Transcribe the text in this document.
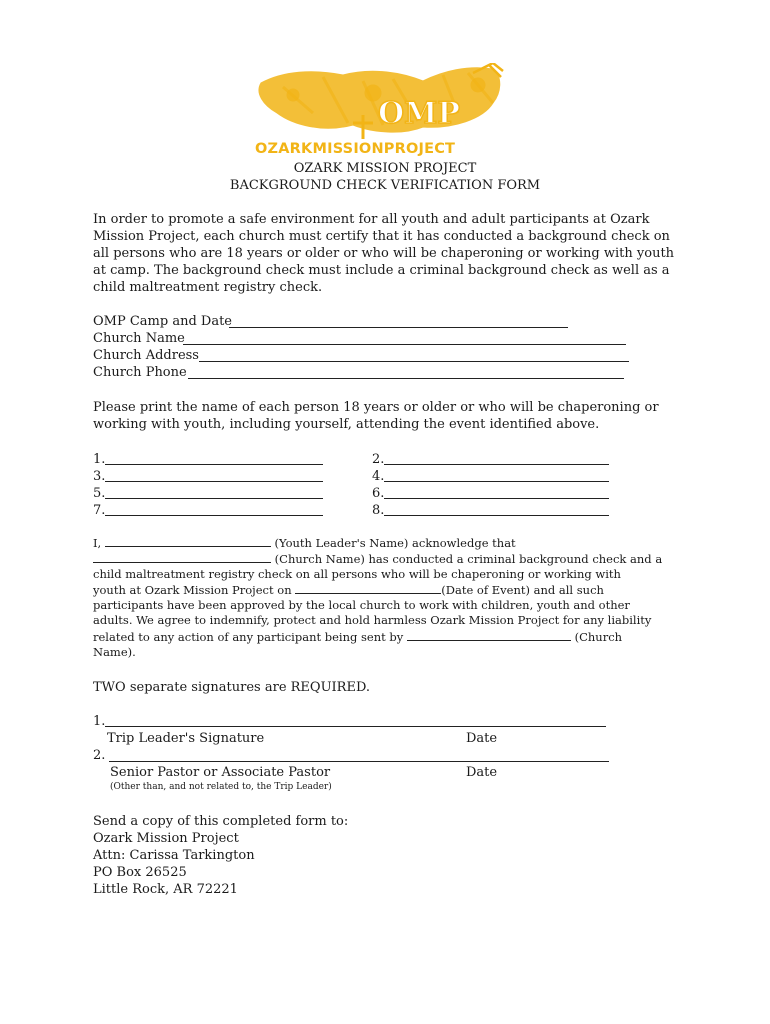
OMP
OZARKMISSIONPROJECT
OZARK MISSION PROJECT
BACKGROUND CHECK VERIFICATION FORM
In order to promote a safe environment for all youth and adult participants at Ozark
Mission Project, each church must certify that it has conducted a background check on
all persons who are 18 years or older or who will be chaperoning or working with youth
at camp. The background check must include a criminal background check as well as a
child maltreatment registry check.
OMP Camp and Date
Church Name
Church Address
Church Phone
Please print the name of each person 18 years or older or who will be chaperoning or
working with youth, including yourself, attending the event identified above.
1.	2.
3.	4.
5.	6.
7.	8.
I,	(Youth Leader's Name) acknowledge that
(Church Name) has conducted a criminal background check and a
child maltreatment registry check on all persons who will be chaperoning or working with
youth at Ozark Mission Project on	(Date of Event) and all such
participants have been approved by the local church to work with children, youth and other
adults. We agree to indemnify, protect and hold harmless Ozark Mission Project for any liability
related to any action of any participant being sent by	(Church
Name).
TWO separate signatures are REQUIRED.
1.
Trip Leader's Signature	Date
2.
Senior Pastor or Associate Pastor	Date
(Other than, and not related to, the Trip Leader)
Send a copy of this completed form to:
Ozark Mission Project
Attn: Carissa Tarkington
PO Box 26525
Little Rock, AR 72221
